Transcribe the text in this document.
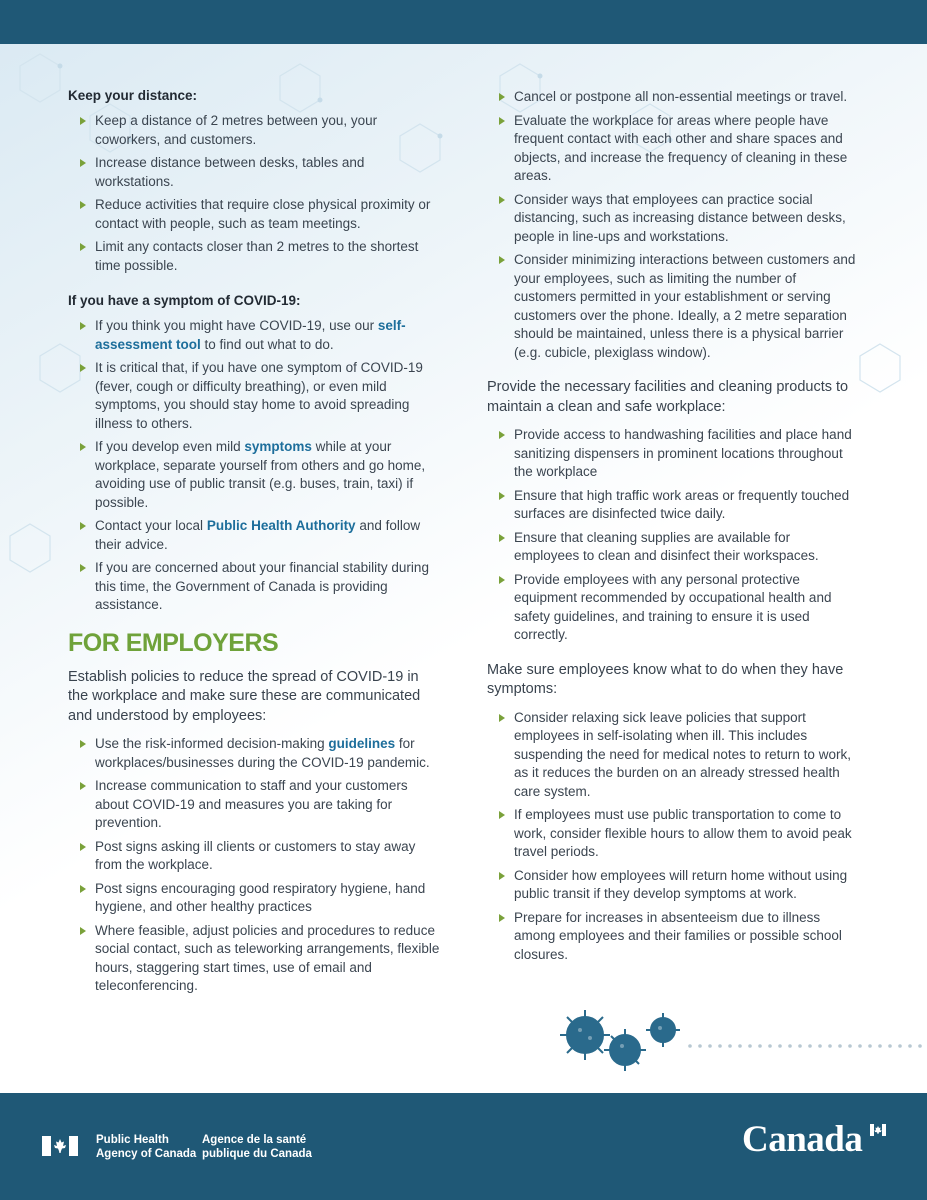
Keep your distance:
Keep a distance of 2 metres between you, your coworkers, and customers.
Increase distance between desks, tables and workstations.
Reduce activities that require close physical proximity or contact with people, such as team meetings.
Limit any contacts closer than 2 metres to the shortest time possible.
If you have a symptom of COVID-19:
If you think you might have COVID-19, use our self-assessment tool to find out what to do.
It is critical that, if you have one symptom of COVID-19 (fever, cough or difficulty breathing), or even mild symptoms, you should stay home to avoid spreading illness to others.
If you develop even mild symptoms while at your workplace, separate yourself from others and go home, avoiding use of public transit (e.g. buses, train, taxi) if possible.
Contact your local Public Health Authority and follow their advice.
If you are concerned about your financial stability during this time, the Government of Canada is providing assistance.
FOR EMPLOYERS
Establish policies to reduce the spread of COVID-19 in the workplace and make sure these are communicated and understood by employees:
Use the risk-informed decision-making guidelines for workplaces/businesses during the COVID-19 pandemic.
Increase communication to staff and your customers about COVID-19 and measures you are taking for prevention.
Post signs asking ill clients or customers to stay away from the workplace.
Post signs encouraging good respiratory hygiene, hand hygiene, and other healthy practices
Where feasible, adjust policies and procedures to reduce social contact, such as teleworking arrangements, flexible hours, staggering start times, use of email and teleconferencing.
Cancel or postpone all non-essential meetings or travel.
Evaluate the workplace for areas where people have frequent contact with each other and share spaces and objects, and increase the frequency of cleaning in these areas.
Consider ways that employees can practice social distancing, such as increasing distance between desks, people in line-ups and workstations.
Consider minimizing interactions between customers and your employees, such as limiting the number of customers permitted in your establishment or serving customers over the phone. Ideally, a 2 metre separation should be maintained, unless there is a physical barrier (e.g. cubicle, plexiglass window).
Provide the necessary facilities and cleaning products to maintain a clean and safe workplace:
Provide access to handwashing facilities and place hand sanitizing dispensers in prominent locations throughout the workplace
Ensure that high traffic work areas or frequently touched surfaces are disinfected twice daily.
Ensure that cleaning supplies are available for employees to clean and disinfect their workspaces.
Provide employees with any personal protective equipment recommended by occupational health and safety guidelines, and training to ensure it is used correctly.
Make sure employees know what to do when they have symptoms:
Consider relaxing sick leave policies that support employees in self-isolating when ill. This includes suspending the need for medical notes to return to work, as it reduces the burden on an already stressed health care system.
If employees must use public transportation to come to work, consider flexible hours to allow them to avoid peak travel periods.
Consider how employees will return home without using public transit if they develop symptoms at work.
Prepare for increases in absenteeism due to illness among employees and their families or possible school closures.
Public Health
Agency of Canada
Agence de la santé
publique du Canada	Canada
